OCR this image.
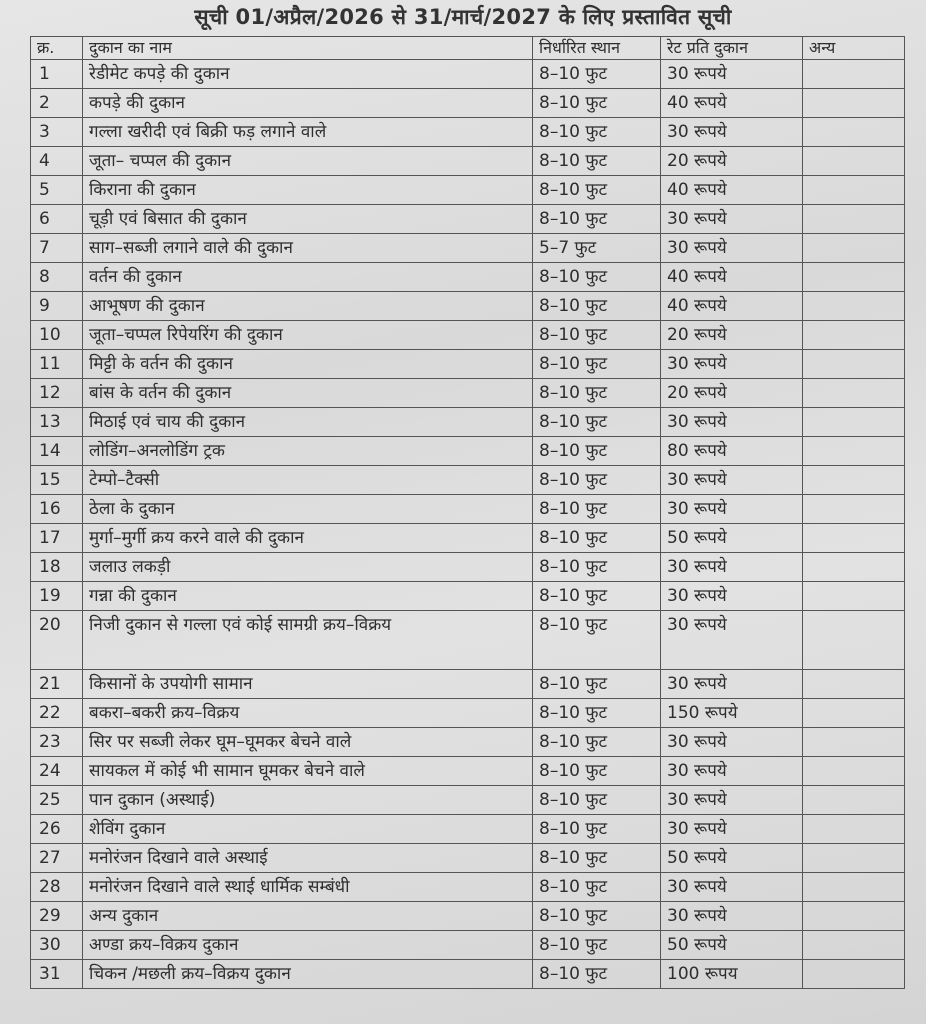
सूची 01/अप्रैल/2026 से 31/मार्च/2027 के लिए प्रस्तावित सूची
क्र.	दुकान का नाम	निर्धारित स्थान	रेट प्रति दुकान	अन्य
1	रेडीमेट कपड़े की दुकान	8–10 फुट	30 रूपये	
2	कपड़े की दुकान	8–10 फुट	40 रूपये	
3	गल्ला खरीदी एवं बिक्री फड़ लगाने वाले	8–10 फुट	30 रूपये	
4	जूता– चप्पल की दुकान	8–10 फुट	20 रूपये	
5	किराना की दुकान	8–10 फुट	40 रूपये	
6	चूड़ी एवं बिसात की दुकान	8–10 फुट	30 रूपये	
7	साग–सब्जी लगाने वाले की दुकान	5–7 फुट	30 रूपये	
8	वर्तन की दुकान	8–10 फुट	40 रूपये	
9	आभूषण की दुकान	8–10 फुट	40 रूपये	
10	जूता–चप्पल रिपेयरिंग की दुकान	8–10 फुट	20 रूपये	
11	मिट्टी के वर्तन की दुकान	8–10 फुट	30 रूपये	
12	बांस के वर्तन की दुकान	8–10 फुट	20 रूपये	
13	मिठाई एवं चाय की दुकान	8–10 फुट	30 रूपये	
14	लोडिंग–अनलोडिंग ट्रक	8–10 फुट	80 रूपये	
15	टेम्पो–टैक्सी	8–10 फुट	30 रूपये	
16	ठेला के दुकान	8–10 फुट	30 रूपये	
17	मुर्गा–मुर्गी क्रय करने वाले की दुकान	8–10 फुट	50 रूपये	
18	जलाउ लकड़ी	8–10 फुट	30 रूपये	
19	गन्ना की दुकान	8–10 फुट	30 रूपये	
20	निजी दुकान से गल्ला एवं कोई सामग्री क्रय–विक्रय	8–10 फुट	30 रूपये	
21	किसानों के उपयोगी सामान	8–10 फुट	30 रूपये	
22	बकरा–बकरी क्रय–विक्रय	8–10 फुट	150 रूपये	
23	सिर पर सब्जी लेकर घूम–घूमकर बेचने वाले	8–10 फुट	30 रूपये	
24	सायकल में कोई भी सामान घूमकर बेचने वाले	8–10 फुट	30 रूपये	
25	पान दुकान (अस्थाई)	8–10 फुट	30 रूपये	
26	शेविंग दुकान	8–10 फुट	30 रूपये	
27	मनोरंजन दिखाने वाले अस्थाई	8–10 फुट	50 रूपये	
28	मनोरंजन दिखाने वाले स्थाई धार्मिक सम्बंधी	8–10 फुट	30 रूपये	
29	अन्य दुकान	8–10 फुट	30 रूपये	
30	अण्डा क्रय–विक्रय दुकान	8–10 फुट	50 रूपये	
31	चिकन /मछली क्रय–विक्रय दुकान	8–10 फुट	100 रूपय	
